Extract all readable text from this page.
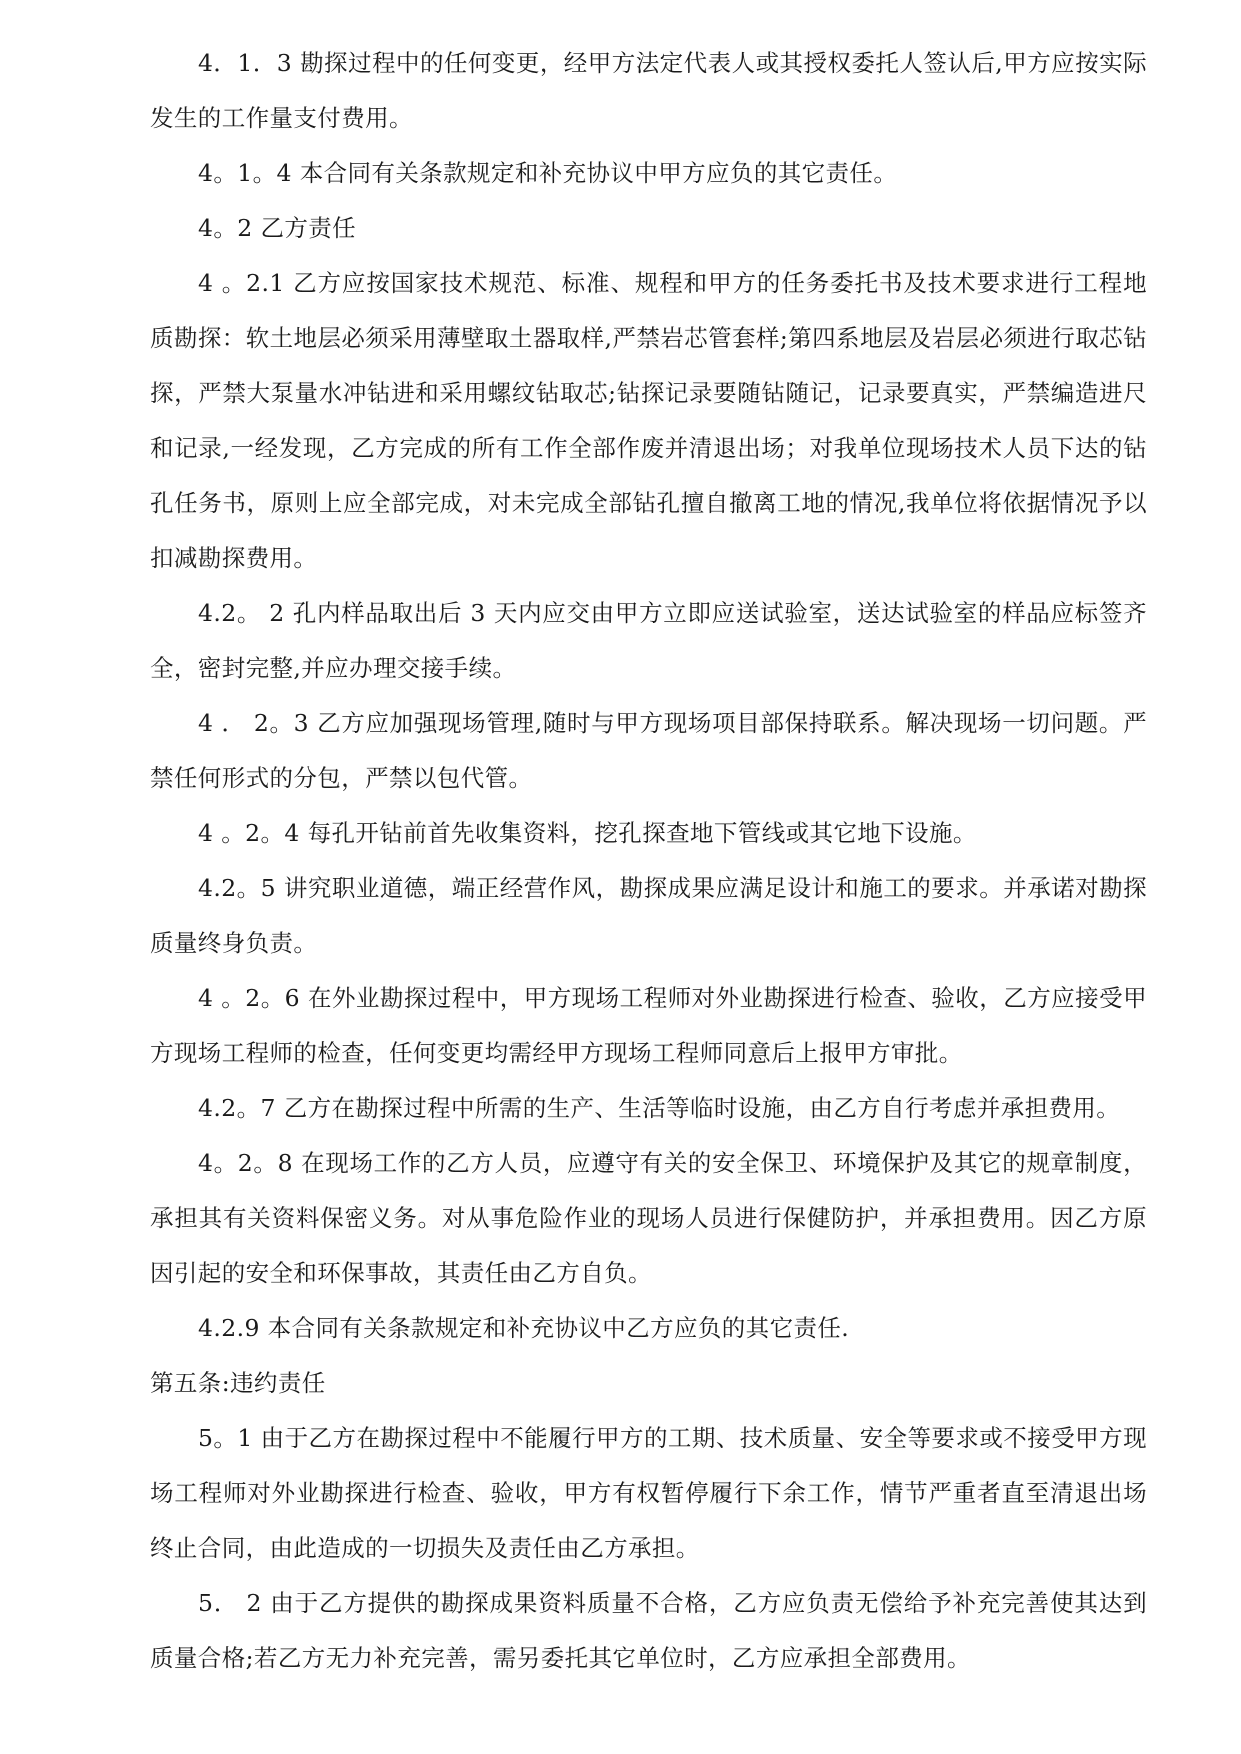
4．1．3 勘探过程中的任何变更，经甲方法定代表人或其授权委托人签认后,甲方应按实际发生的工作量支付费用。

4。1。4 本合同有关条款规定和补充协议中甲方应负的其它责任。

4。2 乙方责任

4 。2.1 乙方应按国家技术规范、标准、规程和甲方的任务委托书及技术要求进行工程地质勘探：软土地层必须采用薄壁取土器取样,严禁岩芯管套样;第四系地层及岩层必须进行取芯钻探，严禁大泵量水冲钻进和采用螺纹钻取芯;钻探记录要随钻随记，记录要真实，严禁编造进尺和记录,一经发现，乙方完成的所有工作全部作废并清退出场；对我单位现场技术人员下达的钻孔任务书，原则上应全部完成，对未完成全部钻孔擅自撤离工地的情况,我单位将依据情况予以扣减勘探费用。

4.2。 2 孔内样品取出后 3 天内应交由甲方立即应送试验室，送达试验室的样品应标签齐全，密封完整,并应办理交接手续。

4 ． 2。3 乙方应加强现场管理,随时与甲方现场项目部保持联系。解决现场一切问题。严禁任何形式的分包，严禁以包代管。

4 。2。4 每孔开钻前首先收集资料，挖孔探查地下管线或其它地下设施。

4.2。5 讲究职业道德，端正经营作风，勘探成果应满足设计和施工的要求。并承诺对勘探质量终身负责。

4 。2。6 在外业勘探过程中，甲方现场工程师对外业勘探进行检查、验收，乙方应接受甲方现场工程师的检查，任何变更均需经甲方现场工程师同意后上报甲方审批。

4.2。7 乙方在勘探过程中所需的生产、生活等临时设施，由乙方自行考虑并承担费用。

4。2。8 在现场工作的乙方人员，应遵守有关的安全保卫、环境保护及其它的规章制度，承担其有关资料保密义务。对从事危险作业的现场人员进行保健防护，并承担费用。因乙方原因引起的安全和环保事故，其责任由乙方自负。

4.2.9 本合同有关条款规定和补充协议中乙方应负的其它责任.

第五条:违约责任

5。1 由于乙方在勘探过程中不能履行甲方的工期、技术质量、安全等要求或不接受甲方现场工程师对外业勘探进行检查、验收，甲方有权暂停履行下余工作，情节严重者直至清退出场终止合同，由此造成的一切损失及责任由乙方承担。

5． 2 由于乙方提供的勘探成果资料质量不合格，乙方应负责无偿给予补充完善使其达到质量合格;若乙方无力补充完善，需另委托其它单位时，乙方应承担全部费用。
